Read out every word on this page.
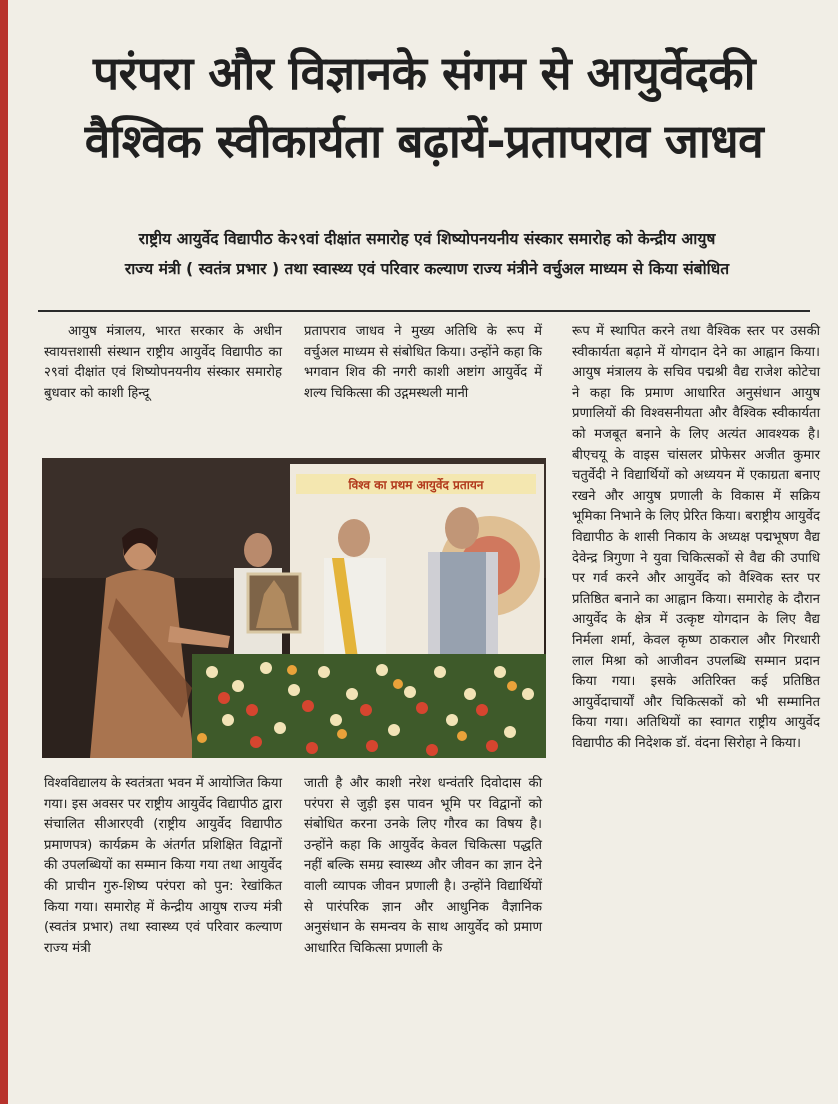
परंपरा और विज्ञानके संगम से आयुर्वेदकी
वैश्विक स्वीकार्यता बढ़ायें-प्रतापराव जाधव
राष्ट्रीय आयुर्वेद विद्यापीठ के२९वां दीक्षांत समारोह एवं शिष्योपनयनीय संस्कार समारोह को केन्द्रीय आयुष
राज्य मंत्री ( स्वतंत्र प्रभार ) तथा स्वास्थ्य एवं परिवार कल्याण राज्य मंत्रीने वर्चुअल माध्यम से किया संबोधित

आयुष मंत्रालय, भारत सरकार के अधीन स्वायत्तशासी संस्थान राष्ट्रीय आयुर्वेद विद्यापीठ का २९वां दीक्षांत एवं शिष्योपनयनीय संस्कार समारोह बुधवार को काशी हिन्दू

प्रतापराव जाधव ने मुख्य अतिथि के रूप में वर्चुअल माध्यम से संबोधित किया। उन्होंने कहा कि भगवान शिव की नगरी काशी अष्टांग आयुर्वेद में शल्य चिकित्सा की उद्गमस्थली मानी

रूप में स्थापित करने तथा वैश्विक स्तर पर उसकी स्वीकार्यता बढ़ाने में योगदान देने का आह्वान किया। आयुष मंत्रालय के सचिव पद्मश्री वैद्य राजेश कोटेचा ने कहा कि प्रमाण आधारित अनुसंधान आयुष प्रणालियों की विश्वसनीयता और वैश्विक स्वीकार्यता को मजबूत बनाने के लिए अत्यंत आवश्यक है। बीएचयू के वाइस चांसलर प्रोफेसर अजीत कुमार चतुर्वेदी ने विद्यार्थियों को अध्ययन में एकाग्रता बनाए रखने और आयुष प्रणाली के विकास में सक्रिय भूमिका निभाने के लिए प्रेरित किया। बराष्ट्रीय आयुर्वेद विद्यापीठ के शासी निकाय के अध्यक्ष पद्मभूषण वैद्य देवेन्द्र त्रिगुणा ने युवा चिकित्सकों से वैद्य की उपाधि पर गर्व करने और आयुर्वेद को वैश्विक स्तर पर प्रतिष्ठित बनाने का आह्वान किया। समारोह के दौरान आयुर्वेद के क्षेत्र में उत्कृष्ट योगदान के लिए वैद्य निर्मला शर्मा, केवल कृष्ण ठाकराल और गिरधारी लाल मिश्रा को आजीवन उपलब्धि सम्मान प्रदान किया गया। इसके अतिरिक्त कई प्रतिष्ठित आयुर्वेदाचार्यों और चिकित्सकों को भी सम्मानित किया गया। अतिथियों का स्वागत राष्ट्रीय आयुर्वेद विद्यापीठ की निदेशक डॉ. वंदना सिरोहा ने किया।

विश्व का प्रथम आयुर्वेद प्रतायन

विश्वविद्यालय के स्वतंत्रता भवन में आयोजित किया गया। इस अवसर पर राष्ट्रीय आयुर्वेद विद्यापीठ द्वारा संचालित सीआरएवी (राष्ट्रीय आयुर्वेद विद्यापीठ प्रमाणपत्र) कार्यक्रम के अंतर्गत प्रशिक्षित विद्वानों की उपलब्धियों का सम्मान किया गया तथा आयुर्वेद की प्राचीन गुरु-शिष्य परंपरा को पुन: रेखांकित किया गया। समारोह में केन्द्रीय आयुष राज्य मंत्री (स्वतंत्र प्रभार) तथा स्वास्थ्य एवं परिवार कल्याण राज्य मंत्री

जाती है और काशी नरेश धन्वंतरि दिवोदास की परंपरा से जुड़ी इस पावन भूमि पर विद्वानों को संबोधित करना उनके लिए गौरव का विषय है। उन्होंने कहा कि आयुर्वेद केवल चिकित्सा पद्धति नहीं बल्कि समग्र स्वास्थ्य और जीवन का ज्ञान देने वाली व्यापक जीवन प्रणाली है। उन्होंने विद्यार्थियों से पारंपरिक ज्ञान और आधुनिक वैज्ञानिक अनुसंधान के समन्वय के साथ आयुर्वेद को प्रमाण आधारित चिकित्सा प्रणाली के
